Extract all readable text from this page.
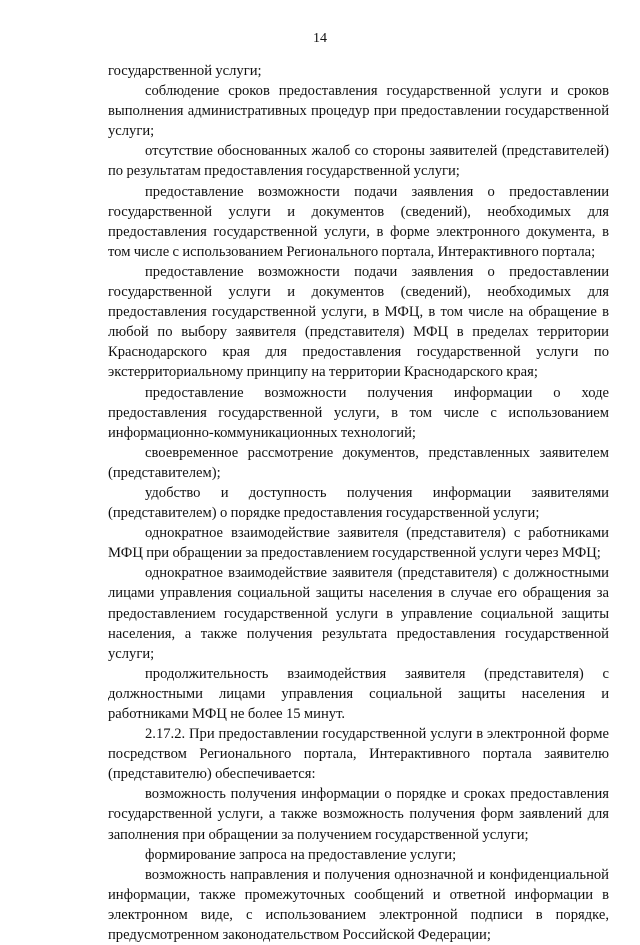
14

государственной услуги;

соблюдение сроков предоставления государственной услуги и сроков выполнения административных процедур при предоставлении государственной услуги;

отсутствие обоснованных жалоб со стороны заявителей (представителей) по результатам предоставления государственной услуги;

предоставление возможности подачи заявления о предоставлении государственной услуги и документов (сведений), необходимых для предоставления государственной услуги, в форме электронного документа, в том числе с использованием Регионального портала, Интерактивного портала;

предоставление возможности подачи заявления о предоставлении государственной услуги и документов (сведений), необходимых для предоставления государственной услуги, в МФЦ, в том числе на обращение в любой по выбору заявителя (представителя) МФЦ в пределах территории Краснодарского края для предоставления государственной услуги по экстерриториальному принципу на территории Краснодарского края;

предоставление возможности получения информации о ходе предоставления государственной услуги, в том числе с использованием информационно-коммуникационных технологий;

своевременное рассмотрение документов, представленных заявителем (представителем);

удобство и доступность получения информации заявителями (представителем) о порядке предоставления государственной услуги;

однократное взаимодействие заявителя (представителя) с работниками МФЦ при обращении за предоставлением государственной услуги через МФЦ;

однократное взаимодействие заявителя (представителя) с должностными лицами управления социальной защиты населения в случае его обращения за предоставлением государственной услуги в управление социальной защиты населения, а также получения результата предоставления государственной услуги;

продолжительность взаимодействия заявителя (представителя) с должностными лицами управления социальной защиты населения и работниками МФЦ не более 15 минут.

2.17.2. При предоставлении государственной услуги в электронной форме посредством Регионального портала, Интерактивного портала заявителю (представителю) обеспечивается:

возможность получения информации о порядке и сроках предоставления государственной услуги, а также возможность получения форм заявлений для заполнения при обращении за получением государственной услуги;

формирование запроса на предоставление услуги;

возможность направления и получения однозначной и конфиденциальной информации, также промежуточных сообщений и ответной информации в электронном виде, с использованием электронной подписи в порядке, предусмотренном законодательством Российской Федерации;
